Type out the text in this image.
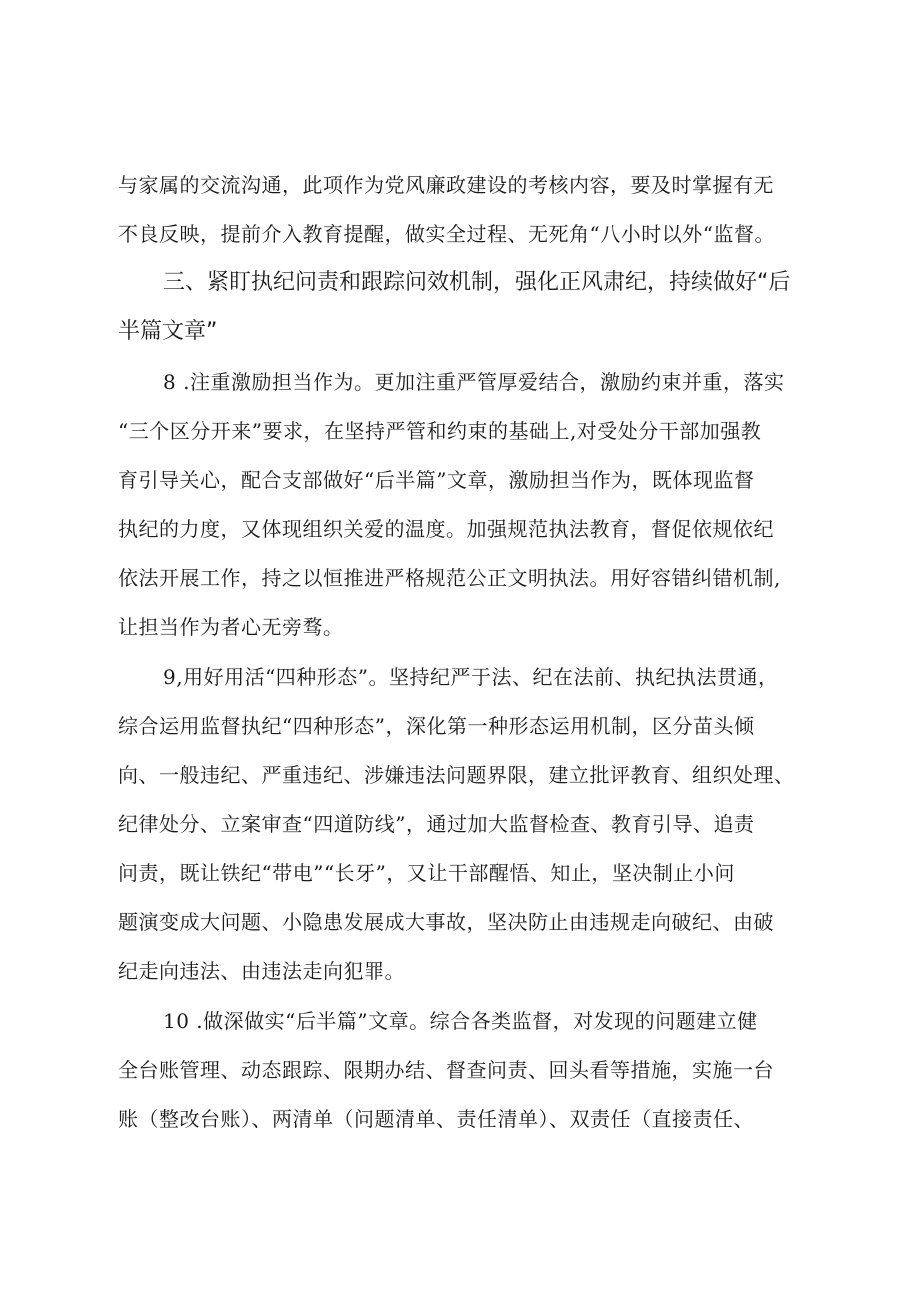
与家属的交流沟通，此项作为党风廉政建设的考核内容，要及时掌握有无
不良反映，提前介入教育提醒，做实全过程、无死角“八小时以外“监督。
三、紧盯执纪问责和跟踪问效机制，强化正风肃纪，持续做好“后
半篇文章”
8 .注重激励担当作为。更加注重严管厚爱结合，激励约束并重，落实
“三个区分开来”要求，在坚持严管和约束的基础上,对受处分干部加强教
育引导关心，配合支部做好“后半篇”文章，激励担当作为，既体现监督
执纪的力度，又体现组织关爱的温度。加强规范执法教育，督促依规依纪
依法开展工作，持之以恒推进严格规范公正文明执法。用好容错纠错机制,
让担当作为者心无旁骛。
9,用好用活“四种形态”。坚持纪严于法、纪在法前、执纪执法贯通，
综合运用监督执纪“四种形态”，深化第一种形态运用机制，区分苗头倾
向、一般违纪、严重违纪、涉嫌违法问题界限，建立批评教育、组织处理、
纪律处分、立案审查“四道防线”，通过加大监督检查、教育引导、追责
问责，既让铁纪“带电”“长牙”，又让干部醒悟、知止，坚决制止小问
题演变成大问题、小隐患发展成大事故，坚决防止由违规走向破纪、由破
纪走向违法、由违法走向犯罪。
10 .做深做实“后半篇”文章。综合各类监督，对发现的问题建立健
全台账管理、动态跟踪、限期办结、督查问责、回头看等措施，实施一台
账（整改台账）、两清单（问题清单、责任清单）、双责任（直接责任、
